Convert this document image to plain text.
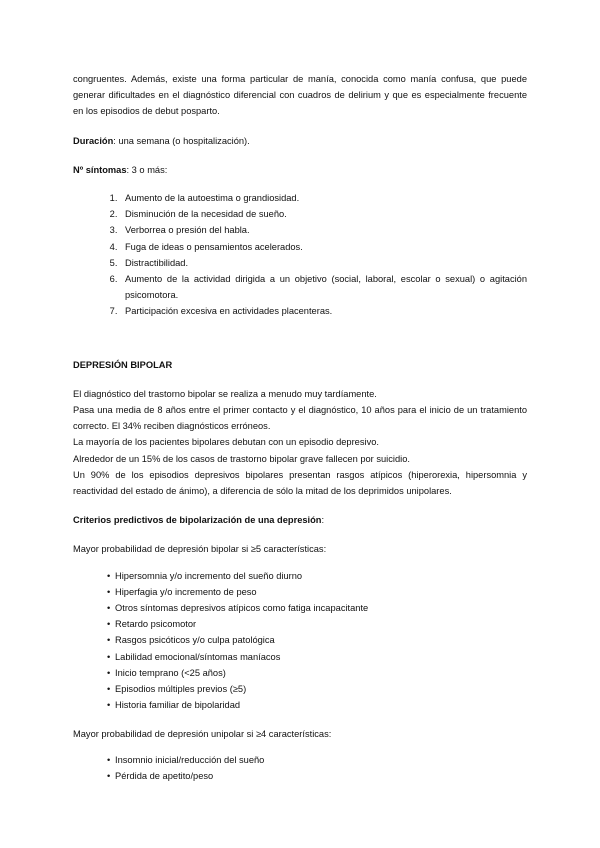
congruentes. Además, existe una forma particular de manía, conocida como manía confusa, que puede generar dificultades en el diagnóstico diferencial con cuadros de delirium y que es especialmente frecuente en los episodios de debut posparto.

Duración: una semana (o hospitalización).

Nº síntomas: 3 o más:

1. Aumento de la autoestima o grandiosidad.
2. Disminución de la necesidad de sueño.
3. Verborrea o presión del habla.
4. Fuga de ideas o pensamientos acelerados.
5. Distractibilidad.
6. Aumento de la actividad dirigida a un objetivo (social, laboral, escolar o sexual) o agitación psicomotora.
7. Participación excesiva en actividades placenteras.

DEPRESIÓN BIPOLAR

El diagnóstico del trastorno bipolar se realiza a menudo muy tardíamente.

Pasa una media de 8 años entre el primer contacto y el diagnóstico, 10 años para el inicio de un tratamiento correcto. El 34% reciben diagnósticos erróneos.

La mayoría de los pacientes bipolares debutan con un episodio depresivo.

Alrededor de un 15% de los casos de trastorno bipolar grave fallecen por suicidio.

Un 90% de los episodios depresivos bipolares presentan rasgos atípicos (hiperorexia, hipersomnia y reactividad del estado de ánimo), a diferencia de sólo la mitad de los deprimidos unipolares.

Criterios predictivos de bipolarización de una depresión:

Mayor probabilidad de depresión bipolar si ≥5 características:

• Hipersomnia y/o incremento del sueño diurno
• Hiperfagia y/o incremento de peso
• Otros síntomas depresivos atípicos como fatiga incapacitante
• Retardo psicomotor
• Rasgos psicóticos y/o culpa patológica
• Labilidad emocional/síntomas maníacos
• Inicio temprano (<25 años)
• Episodios múltiples previos (≥5)
• Historia familiar de bipolaridad

Mayor probabilidad de depresión unipolar si ≥4 características:

• Insomnio inicial/reducción del sueño
• Pérdida de apetito/peso
